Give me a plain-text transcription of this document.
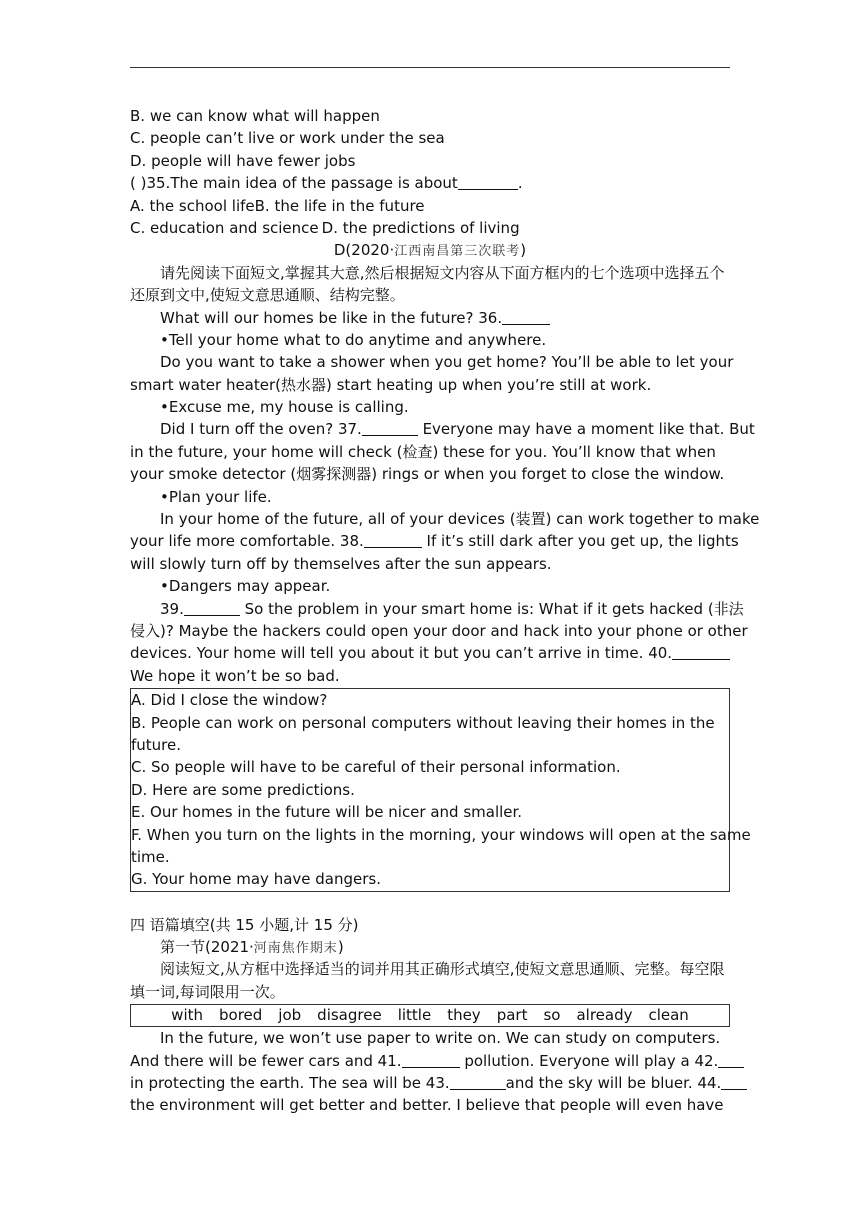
B. we can know what will happen
C. people can’t live or work under the sea
D. people will have fewer jobs
( )35.The main idea of the passage is about	.
A. the school lifeB. the life in the future
C. education and science D. the predictions of living
D(2020·江西南昌第三次联考)
请先阅读下面短文,掌握其大意,然后根据短文内容从下面方框内的七个选项中选择五个
还原到文中,使短文意思通顺、结构完整。
What will our homes be like in the future? 36.
•Tell your home what to do anytime and anywhere.
Do you want to take a shower when you get home? You’ll be able to let your
smart water heater(热水器) start heating up when you’re still at work.
•Excuse me, my house is calling.
Did I turn off the oven? 37.	Everyone may have a moment like that. But
in the future, your home will check (检查) these for you. You’ll know that when
your smoke detector (烟雾探测器) rings or when you forget to close the window.
•Plan your life.
In your home of the future, all of your devices (装置) can work together to make
your life more comfortable. 38.	If it’s still dark after you get up, the lights
will slowly turn off by themselves after the sun appears.
•Dangers may appear.
39.	So the problem in your smart home is: What if it gets hacked (非法
侵入)? Maybe the hackers could open your door and hack into your phone or other
devices. Your home will tell you about it but you can’t arrive in time. 40.
We hope it won’t be so bad.
A. Did I close the window?
B. People can work on personal computers without leaving their homes in the
future.
C. So people will have to be careful of their personal information.
D. Here are some predictions.
E. Our homes in the future will be nicer and smaller.
F. When you turn on the lights in the morning, your windows will open at the same
time.
G. Your home may have dangers.
四 语篇填空(共 15 小题,计 15 分)
第一节(2021·河南焦作期末)
阅读短文,从方框中选择适当的词并用其正确形式填空,使短文意思通顺、完整。每空限
填一词,每词限用一次。
with bored job disagree little they part so already clean
In the future, we won’t use paper to write on. We can study on computers.
And there will be fewer cars and 41.	pollution. Everyone will play a 42.
in protecting the earth. The sea will be 43.	and the sky will be bluer. 44.
the environment will get better and better. I believe that people will even have
